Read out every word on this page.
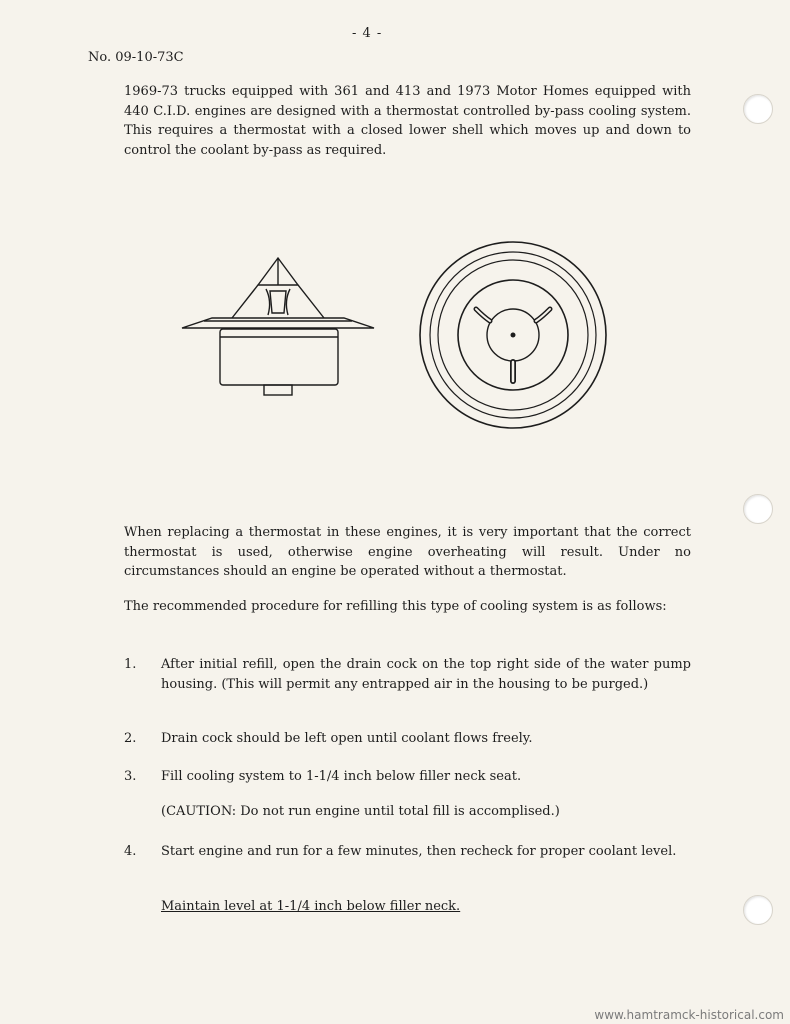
- 4 -
No. 09-10-73C

1969-73 trucks equipped with 361 and 413 and 1973 Motor Homes equipped with 440 C.I.D. engines are designed with a thermostat controlled by-pass cooling system. This requires a thermostat with a closed lower shell which moves up and down to control the coolant by-pass as required.

When replacing a thermostat in these engines, it is very important that the correct thermostat is used, otherwise engine overheating will result. Under no circumstances should an engine be operated without a thermostat.

The recommended procedure for refilling this type of cooling system is as follows:

1. After initial refill, open the drain cock on the top right side of the water pump housing. (This will permit any entrapped air in the housing to be purged.)
2. Drain cock should be left open until coolant flows freely.
3. Fill cooling system to 1-1/4 inch below filler neck seat.
(CAUTION: Do not run engine until total fill is accomplised.)
4. Start engine and run for a few minutes, then recheck for proper coolant level.
Maintain level at 1-1/4 inch below filler neck.
www.hamtramck-historical.com
